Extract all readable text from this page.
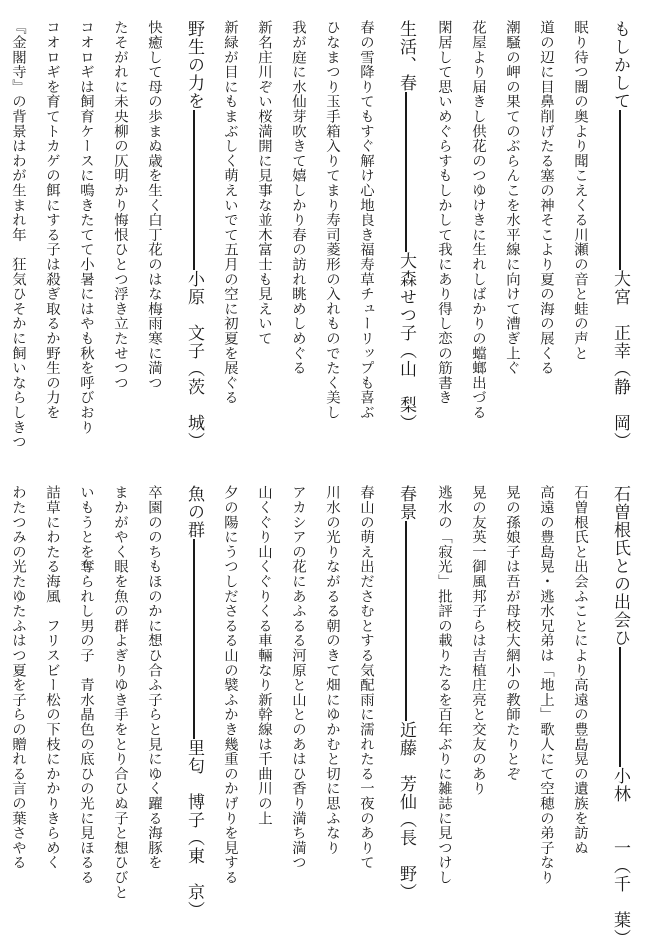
もしかして大宮　正幸（静　岡）
眠り待つ闇の奥より聞こえくる川瀬の音と蛙の声と
道の辺に目鼻削げたる塞の神そこより夏の海の展くる
潮騒の岬の果てのぶらんこを水平線に向けて漕ぎ上ぐ
花屋より届きし供花のつゆけきに生れしばかりの蟷螂出づる
閑居して思いめぐらすもしかして我にあり得し恋の筋書き
生活、春大森せつ子（山　梨）
春の雪降りてもすぐ解け心地良き福寿草チューリップも喜ぶ
ひなまつり玉手箱入りてまり寿司菱形の入れものでたく美し
我が庭に水仙芽吹きて嬉しかり春の訪れ眺めしめぐる
新名庄川ぞい桜満開に見事な並木富士も見えいて
新緑が目にもまぶしく萌えいでて五月の空に初夏を展ぐる
野生の力を小原　文子（茨　城）
快癒して母の歩まぬ歳を生く白丁花のはな梅雨寒に満つ
たそがれに未央柳の仄明かり悔恨ひとつ浮き立たせつつ
コオロギは飼育ケースに鳴きたてて小暑にはやも秋を呼びおり
コオロギを育てトカゲの餌にする子は殺ぎ取るか野生の力を
『金閣寺』の背景はわが生まれ年　狂気ひそかに飼いならしきつ
石曽根氏との出会ひ小林　　一（千　葉）
石曽根氏と出会ふことにより高遠の豊島晃の遺族を訪ぬ
高遠の豊島晃・逃水兄弟は「地上」歌人にて空穂の弟子なり
晃の孫娘子は吾が母校大網小の教師たりとぞ
晃の友英一御風邦子らは吉植庄亮と交友のあり
逃水の「寂光」批評の載りたるを百年ぶりに雑誌に見つけし
春景近藤　芳仙（長　野）
春山の萌え出ださむとする気配雨に濡れたる一夜のありて
川水の光りながるる朝のきて畑にゆかむと切に思ふなり
アカシアの花にあふるる河原と山とのあはひ香り満ち満つ
山くぐり山くぐりくる車輛なり新幹線は千曲川の上
夕の陽にうつしださるる山の襞ふかき幾重のかげりを見する
魚の群里匂　博子（東　京）
卒園ののちもほのかに想ひ合ふ子らと見にゆく躍る海豚を
まかがやく眼を魚の群よぎりゆき手をとり合ひぬ子と想ひびと
いもうとを奪られし男の子　青水晶色の底ひの光に見ほるる
詰草にわたる海風　フリスビー松の下枝にかかりきらめく
わたつみの光たゆたふはつ夏を子らの贈れる言の葉さやる
